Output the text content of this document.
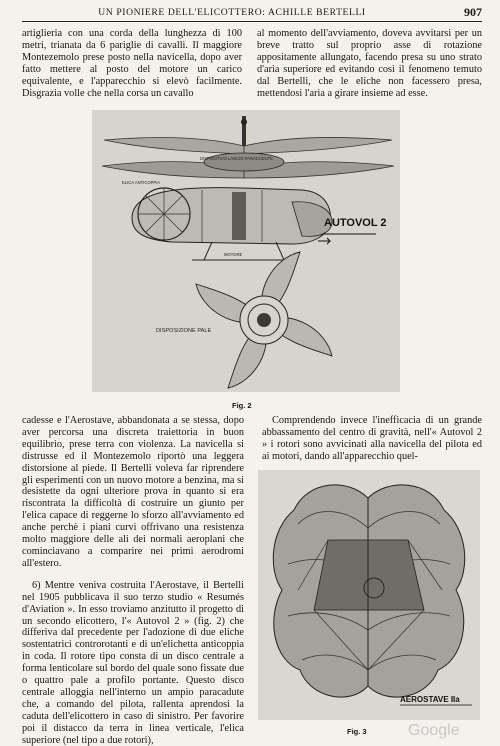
UN PIONIERE DELL'ELICOTTERO: ACHILLE BERTELLI	907

artiglieria con una corda della lunghezza di 100 metri, trianata da 6 pariglie di cavalli. Il maggiore Montezemolo prese posto nella navicella, dopo aver fatto mettere al posto del motore un carico equivalente, e l'apparecchio si elevò facilmente. Disgrazia volle che nella corsa un cavallo

al momento dell'avviamento, doveva avvitarsi per un breve tratto sul proprio asse di rotazione appositamente allungato, facendo presa su uno strato d'aria superiore ed evitando così il fenomeno temuto dal Bertelli, che le eliche non facessero presa, mettendosi l'aria a girare insieme ad esse.

DISPOSITIVO LANCIO PARACADUTE
ELICA ANTICOPPIA
MOTORE
AUTOVOL 2
DISPOSIZIONE PALE
Fig. 2

cadesse e l'Aerostave, abbandonata a se stessa, dopo aver percorsa una discreta traiettoria in buon equilibrio, prese terra con violenza. La navicella si distrusse ed il Montezemolo riportò una leggera distorsione al piede. Il Bertelli voleva far riprendere gli esperimenti con un nuovo motore a benzina, ma si desistette da ogni ulteriore prova in quanto si era riscontrata la difficoltà di costruire un giunto per l'elica capace di reggerne lo sforzo all'avviamento ed anche perchè i piani curvi offrivano una resistenza molto maggiore delle ali dei normali aeroplani che cominciavano a comparire nei primi aerodromi all'estero.

6) Mentre veniva costruita l'Aerostave, il Bertelli nel 1905 pubblicava il suo terzo studio « Resumés d'Aviation ». In esso troviamo anzitutto il progetto di un secondo elicottero, l'« Autovol 2 » (fig. 2) che differiva dal precedente per l'adozione di due eliche sostentatrici controrotanti e di un'elichetta anticoppia in coda. Il rotore tipo consta di un disco centrale a forma lenticolare sul bordo del quale sono fissate due o quattro pale a profilo portante. Questo disco centrale alloggia nell'interno un ampio paracadute che, a comando del pilota, rallenta aprendosi la caduta dell'elicottero in caso di sinistro. Per favorire poi il distacco da terra in linea verticale, l'elica superiore (nel tipo a due rotori),

Comprendendo invece l'inefficacia di un grande abbassamento del centro di gravità, nell'« Autovol 2 » i rotori sono avvicinati alla navicella del pilota ed ai motori, dando all'apparecchio quel-

AEROSTAVE IIa
Fig. 3	Google
